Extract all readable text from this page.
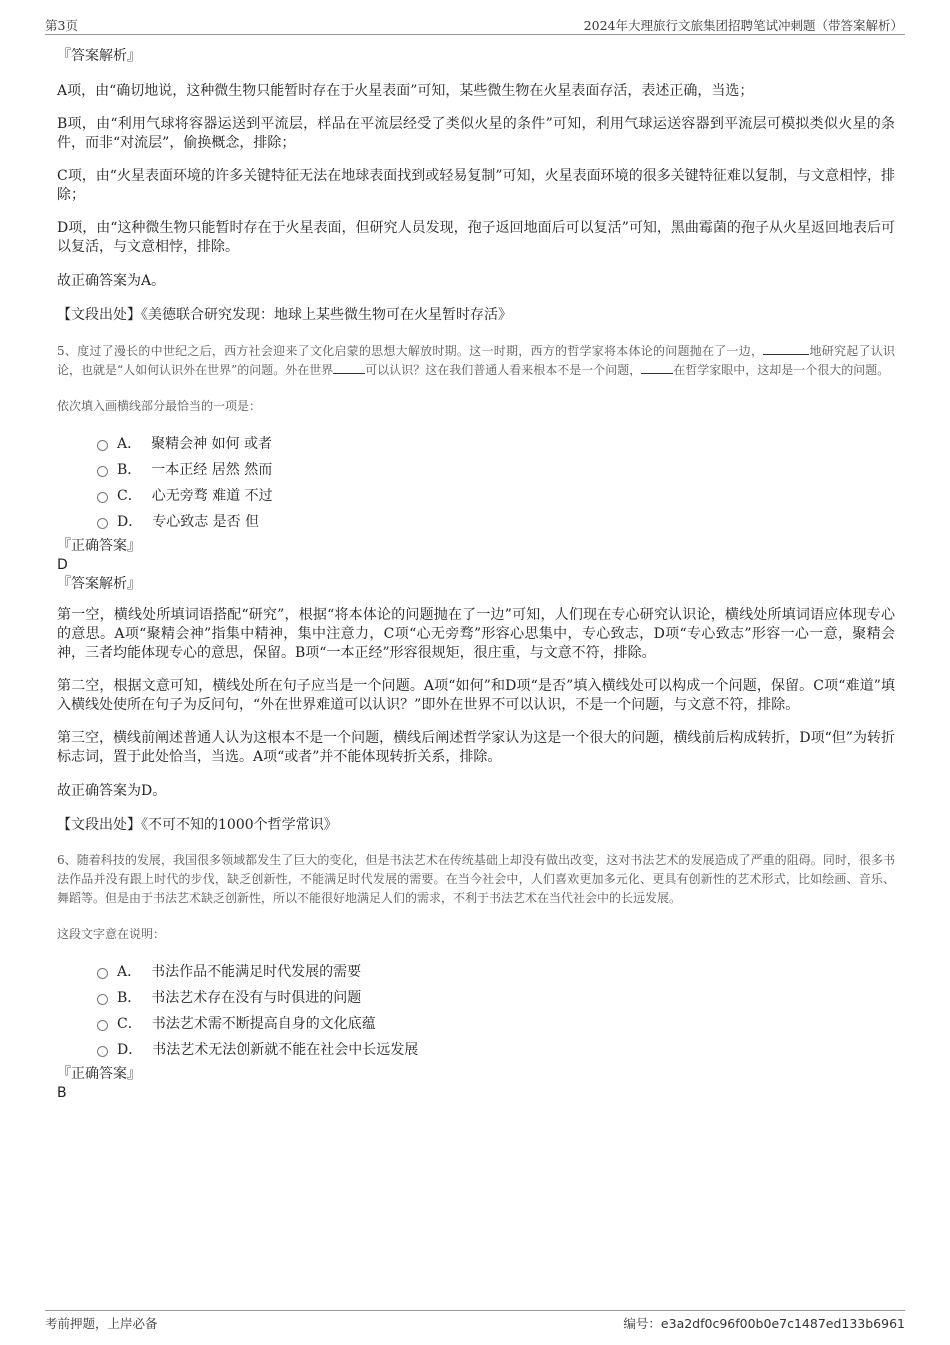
第3页	2024年大理旅行文旅集团招聘笔试冲刺题（带答案解析）

『答案解析』

A项，由“确切地说，这种微生物只能暂时存在于火星表面”可知，某些微生物在火星表面存活，表述正确，当选；

B项，由“利用气球将容器运送到平流层，样品在平流层经受了类似火星的条件”可知，利用气球运送容器到平流层可模拟类似火星的条件，而非“对流层”，偷换概念，排除；

C项，由“火星表面环境的许多关键特征无法在地球表面找到或轻易复制”可知，火星表面环境的很多关键特征难以复制，与文意相悖，排除；

D项，由“这种微生物只能暂时存在于火星表面，但研究人员发现，孢子返回地面后可以复活”可知，黑曲霉菌的孢子从火星返回地表后可以复活，与文意相悖，排除。

故正确答案为A。

【文段出处】《美德联合研究发现：地球上某些微生物可在火星暂时存活》

5、度过了漫长的中世纪之后，西方社会迎来了文化启蒙的思想大解放时期。这一时期，西方的哲学家将本体论的问题抛在了一边，	地研究起了认识论，也就是“人如何认识外在世界”的问题。外在世界	可以认识？这在我们普通人看来根本不是一个问题，	在哲学家眼中，这却是一个很大的问题。

依次填入画横线部分最恰当的一项是：

A． 聚精会神 如何 或者
B． 一本正经 居然 然而
C． 心无旁骛 难道 不过
D． 专心致志 是否 但

『正确答案』

D

『答案解析』

第一空，横线处所填词语搭配“研究”，根据“将本体论的问题抛在了一边”可知，人们现在专心研究认识论，横线处所填词语应体现专心的意思。A项“聚精会神”指集中精神，集中注意力，C项“心无旁骛”形容心思集中，专心致志，D项“专心致志”形容一心一意，聚精会神，三者均能体现专心的意思，保留。B项“一本正经”形容很规矩，很庄重，与文意不符，排除。

第二空，根据文意可知，横线处所在句子应当是一个问题。A项“如何”和D项“是否”填入横线处可以构成一个问题，保留。C项“难道”填入横线处使所在句子为反问句，“外在世界难道可以认识？”即外在世界不可以认识，不是一个问题，与文意不符，排除。

第三空，横线前阐述普通人认为这根本不是一个问题，横线后阐述哲学家认为这是一个很大的问题，横线前后构成转折，D项“但”为转折标志词，置于此处恰当，当选。A项“或者”并不能体现转折关系，排除。

故正确答案为D。

【文段出处】《不可不知的1000个哲学常识》

6、随着科技的发展，我国很多领域都发生了巨大的变化，但是书法艺术在传统基础上却没有做出改变，这对书法艺术的发展造成了严重的阻碍。同时，很多书法作品并没有跟上时代的步伐，缺乏创新性，不能满足时代发展的需要。在当今社会中，人们喜欢更加多元化、更具有创新性的艺术形式，比如绘画、音乐、舞蹈等。但是由于书法艺术缺乏创新性，所以不能很好地满足人们的需求，不利于书法艺术在当代社会中的长远发展。

这段文字意在说明：

A． 书法作品不能满足时代发展的需要
B． 书法艺术存在没有与时俱进的问题
C． 书法艺术需不断提高自身的文化底蕴
D． 书法艺术无法创新就不能在社会中长远发展

『正确答案』

B

考前押题，上岸必备	编号：e3a2df0c96f00b0e7c1487ed133b6961
